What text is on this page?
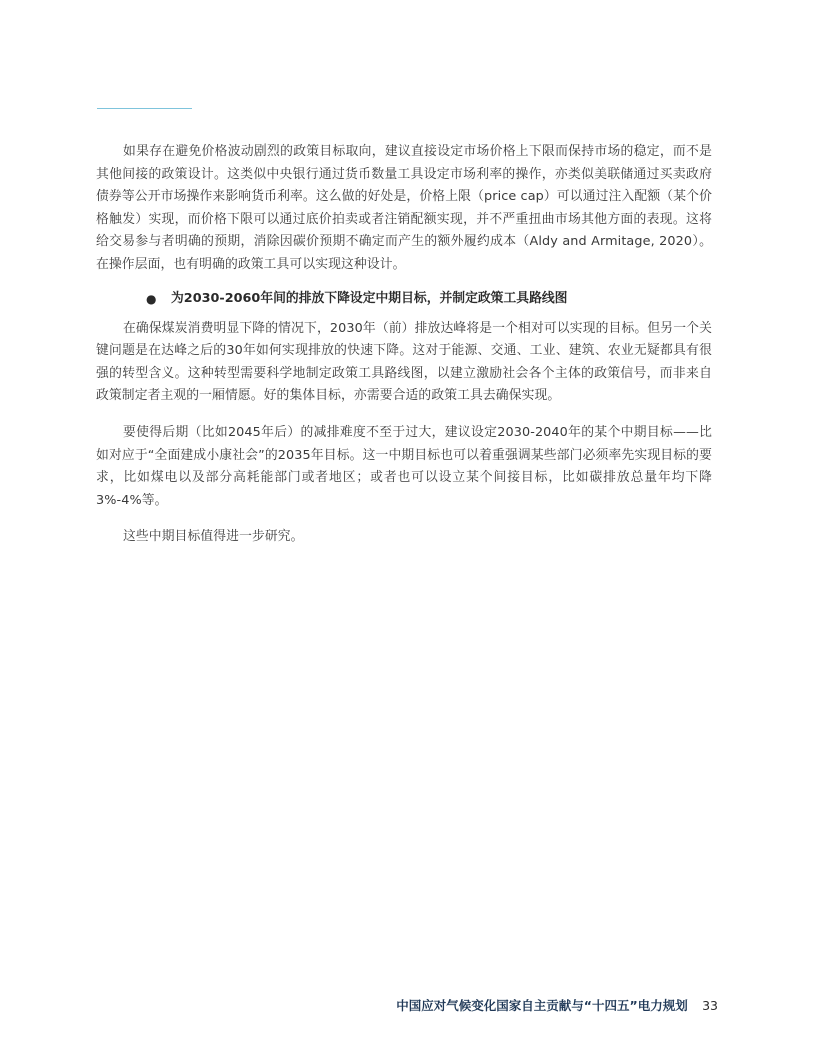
如果存在避免价格波动剧烈的政策目标取向，建议直接设定市场价格上下限而保持市场的稳定，而不是其他间接的政策设计。这类似中央银行通过货币数量工具设定市场利率的操作，亦类似美联储通过买卖政府债券等公开市场操作来影响货币利率。这么做的好处是，价格上限（price cap）可以通过注入配额（某个价格触发）实现，而价格下限可以通过底价拍卖或者注销配额实现，并不严重扭曲市场其他方面的表现。这将给交易参与者明确的预期，消除因碳价预期不确定而产生的额外履约成本（Aldy and Armitage, 2020）。在操作层面，也有明确的政策工具可以实现这种设计。

● 为2030-2060年间的排放下降设定中期目标，并制定政策工具路线图

在确保煤炭消费明显下降的情况下，2030年（前）排放达峰将是一个相对可以实现的目标。但另一个关键问题是在达峰之后的30年如何实现排放的快速下降。这对于能源、交通、工业、建筑、农业无疑都具有很强的转型含义。这种转型需要科学地制定政策工具路线图，以建立激励社会各个主体的政策信号，而非来自政策制定者主观的一厢情愿。好的集体目标，亦需要合适的政策工具去确保实现。

要使得后期（比如2045年后）的减排难度不至于过大，建议设定2030-2040年的某个中期目标——比如对应于“全面建成小康社会”的2035年目标。这一中期目标也可以着重强调某些部门必须率先实现目标的要求，比如煤电以及部分高耗能部门或者地区；或者也可以设立某个间接目标，比如碳排放总量年均下降3%-4%等。

这些中期目标值得进一步研究。

中国应对气候变化国家自主贡献与“十四五”电力规划 33
